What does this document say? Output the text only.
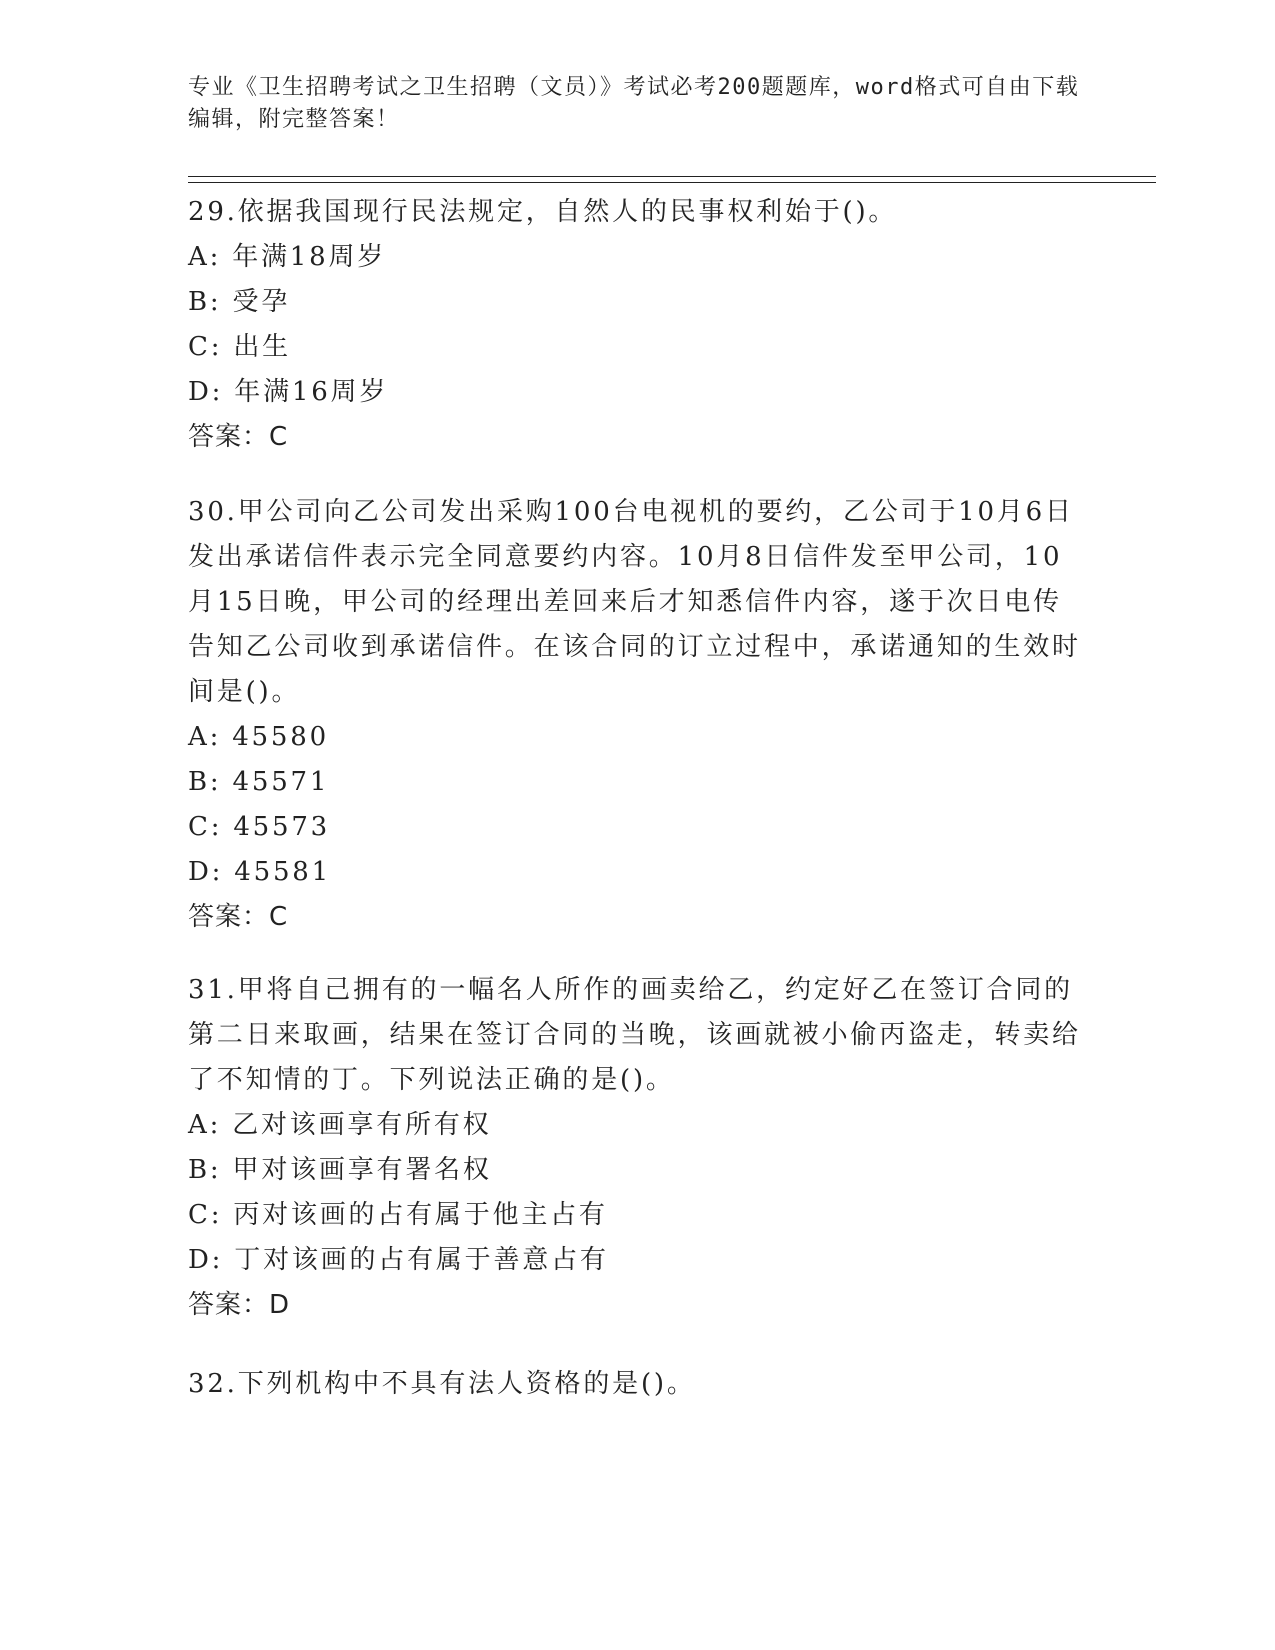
专业《卫生招聘考试之卫生招聘（文员）》考试必考200题题库，word格式可自由下载编辑，附完整答案！
29.依据我国现行民法规定，自然人的民事权利始于()。
A: 年满18周岁
B: 受孕
C: 出生
D: 年满16周岁
答案：C
30.甲公司向乙公司发出采购100台电视机的要约，乙公司于10月6日发出承诺信件表示完全同意要约内容。10月8日信件发至甲公司，10月15日晚，甲公司的经理出差回来后才知悉信件内容，遂于次日电传告知乙公司收到承诺信件。在该合同的订立过程中，承诺通知的生效时间是()。
A: 45580
B: 45571
C: 45573
D: 45581
答案：C
31.甲将自己拥有的一幅名人所作的画卖给乙，约定好乙在签订合同的第二日来取画，结果在签订合同的当晚，该画就被小偷丙盗走，转卖给了不知情的丁。下列说法正确的是()。
A: 乙对该画享有所有权
B: 甲对该画享有署名权
C: 丙对该画的占有属于他主占有
D: 丁对该画的占有属于善意占有
答案：D
32.下列机构中不具有法人资格的是()。
